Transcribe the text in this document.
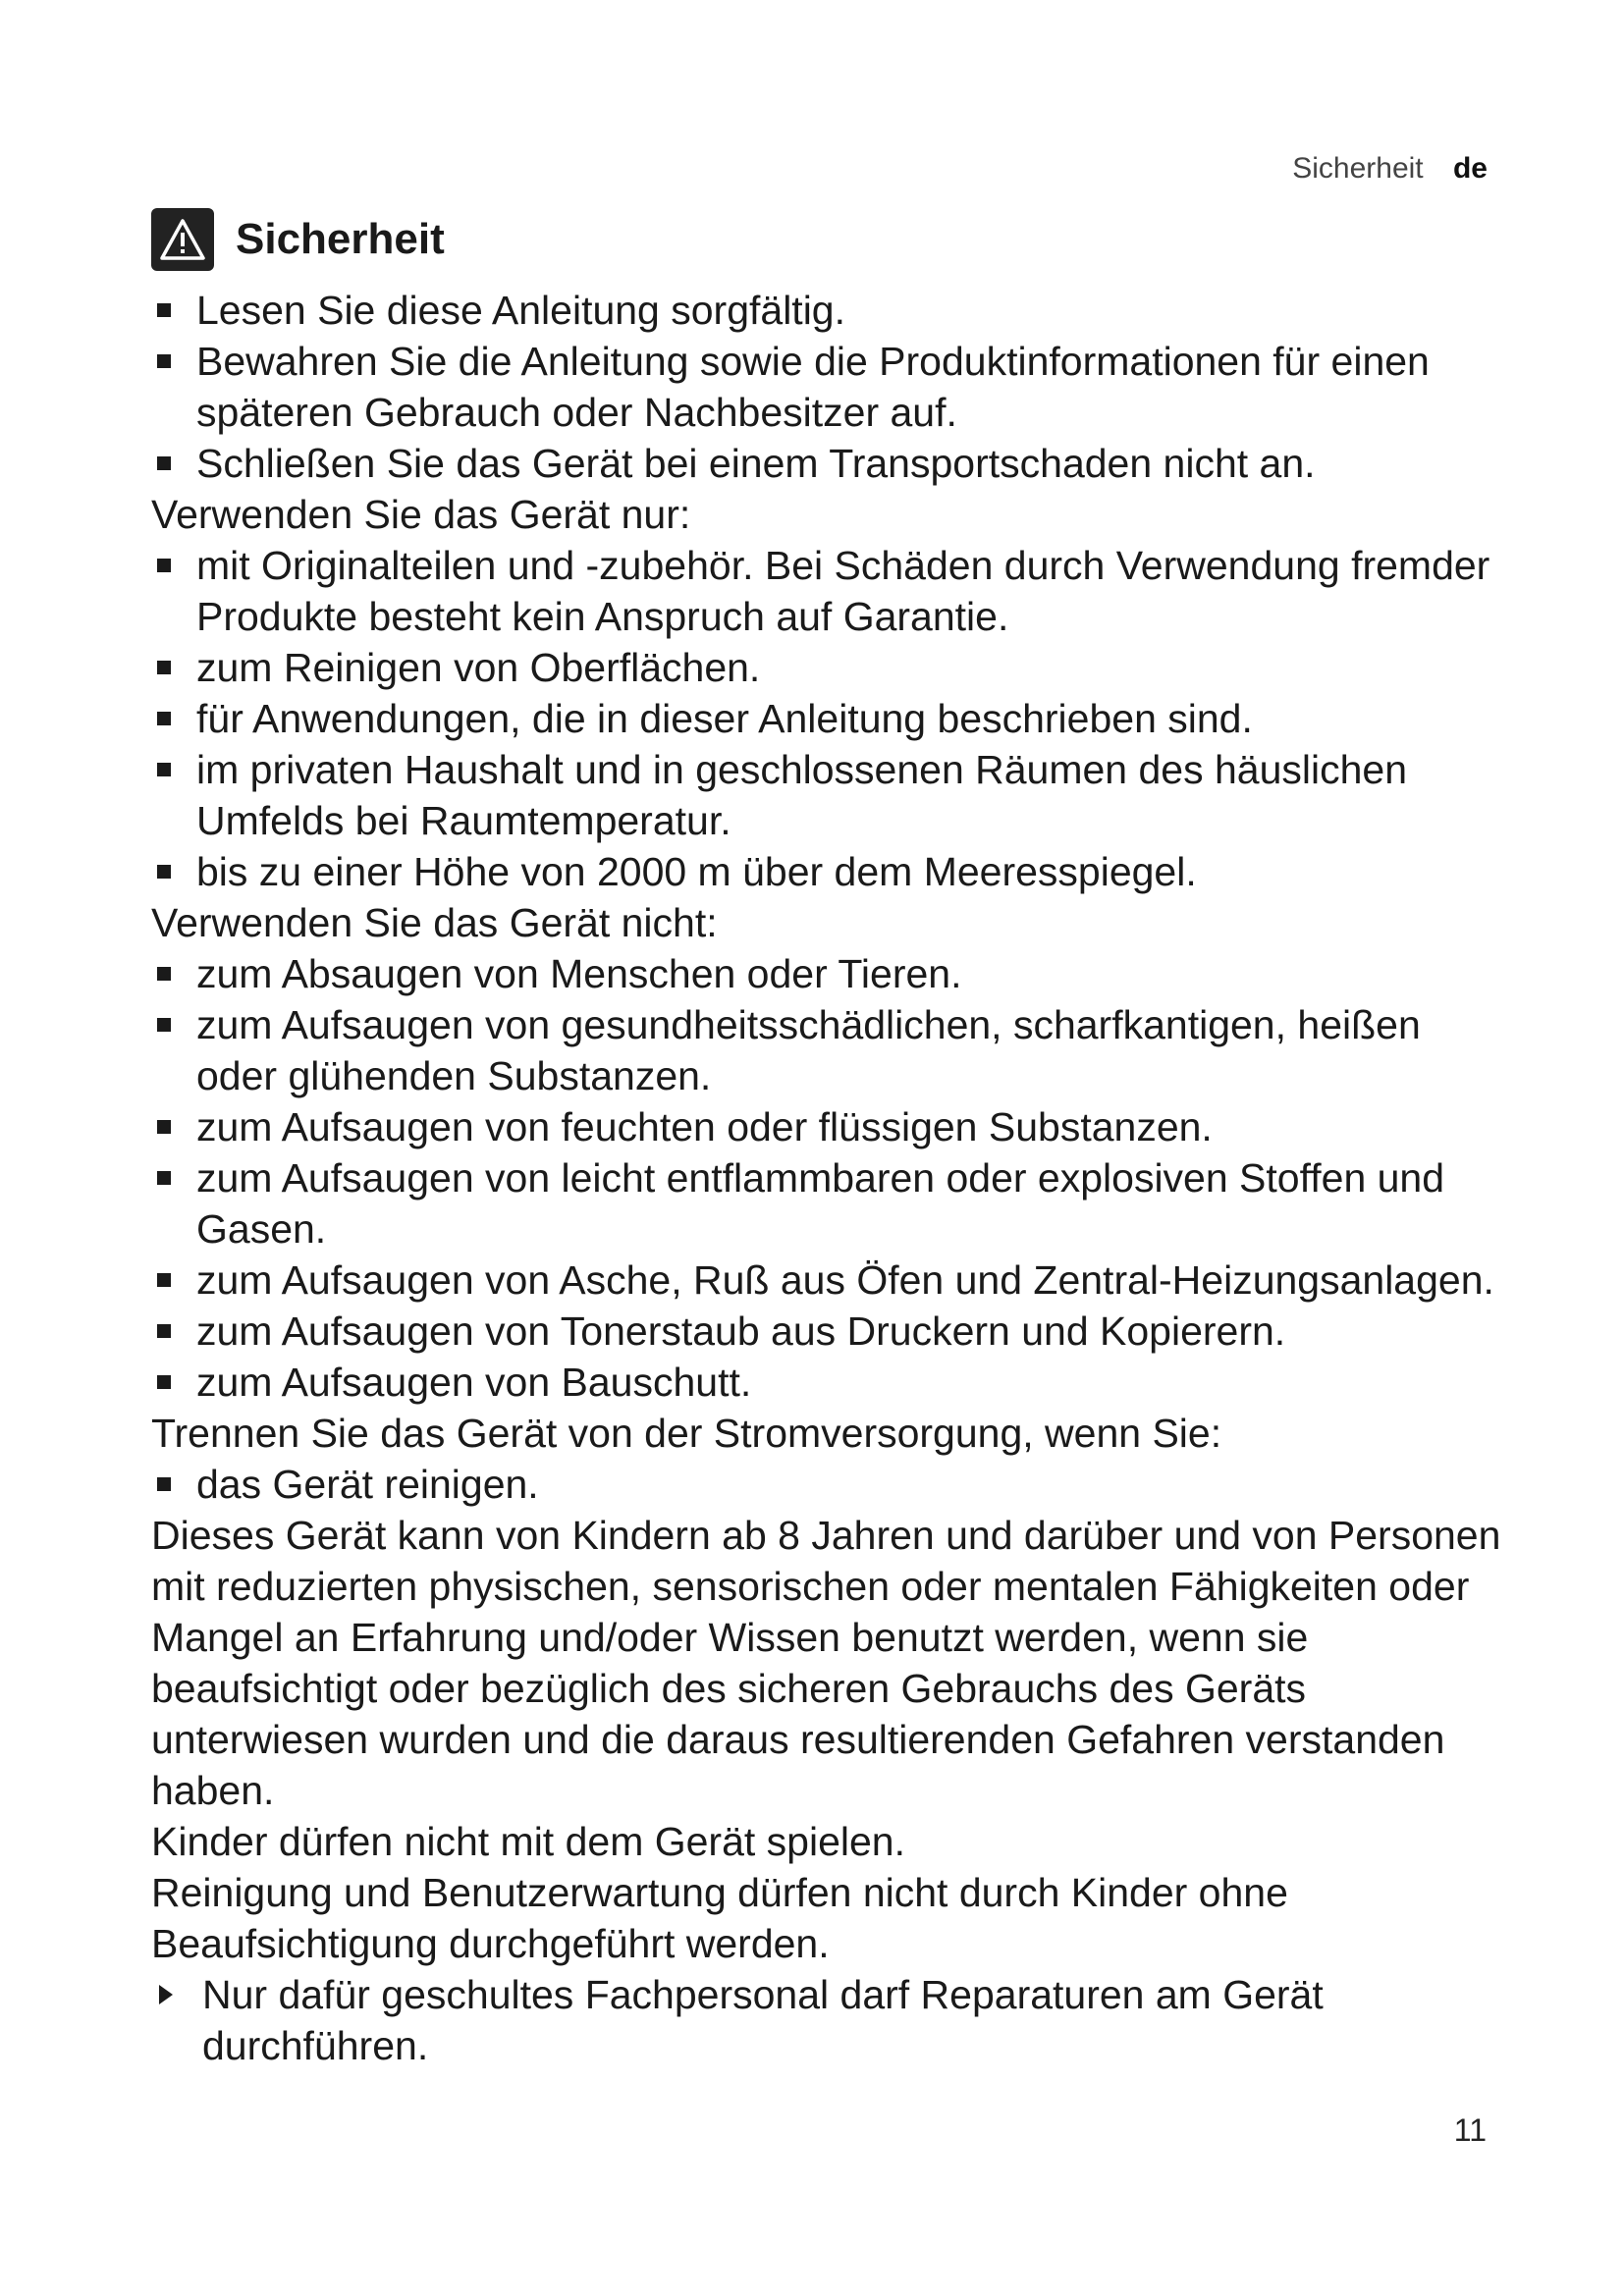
Sicherheit de
Sicherheit
Lesen Sie diese Anleitung sorgfältig.
Bewahren Sie die Anleitung sowie die Produktinformationen für einen späteren Gebrauch oder Nachbesitzer auf.
Schließen Sie das Gerät bei einem Transportschaden nicht an.

Verwenden Sie das Gerät nur:

mit Originalteilen und -zubehör. Bei Schäden durch Verwendung fremder Produkte besteht kein Anspruch auf Garantie.
zum Reinigen von Oberflächen.
für Anwendungen, die in dieser Anleitung beschrieben sind.
im privaten Haushalt und in geschlossenen Räumen des häuslichen Umfelds bei Raumtemperatur.
bis zu einer Höhe von 2000 m über dem Meeresspiegel.

Verwenden Sie das Gerät nicht:

zum Absaugen von Menschen oder Tieren.
zum Aufsaugen von gesundheitsschädlichen, scharfkantigen, heißen oder glühenden Substanzen.
zum Aufsaugen von feuchten oder flüssigen Substanzen.
zum Aufsaugen von leicht entflammbaren oder explosiven Stoffen und Gasen.
zum Aufsaugen von Asche, Ruß aus Öfen und Zentral-Heizungsanlagen.
zum Aufsaugen von Tonerstaub aus Druckern und Kopierern.
zum Aufsaugen von Bauschutt.

Trennen Sie das Gerät von der Stromversorgung, wenn Sie:

das Gerät reinigen.

Dieses Gerät kann von Kindern ab 8 Jahren und darüber und von Personen mit reduzierten physischen, sensorischen oder mentalen Fähigkeiten oder Mangel an Erfahrung und/oder Wissen benutzt werden, wenn sie beaufsichtigt oder bezüglich des sicheren Gebrauchs des Geräts unterwiesen wurden und die daraus resultierenden Gefahren verstanden haben.

Kinder dürfen nicht mit dem Gerät spielen.

Reinigung und Benutzerwartung dürfen nicht durch Kinder ohne Beaufsichtigung durchgeführt werden.

Nur dafür geschultes Fachpersonal darf Reparaturen am Gerät durchführen.
11
